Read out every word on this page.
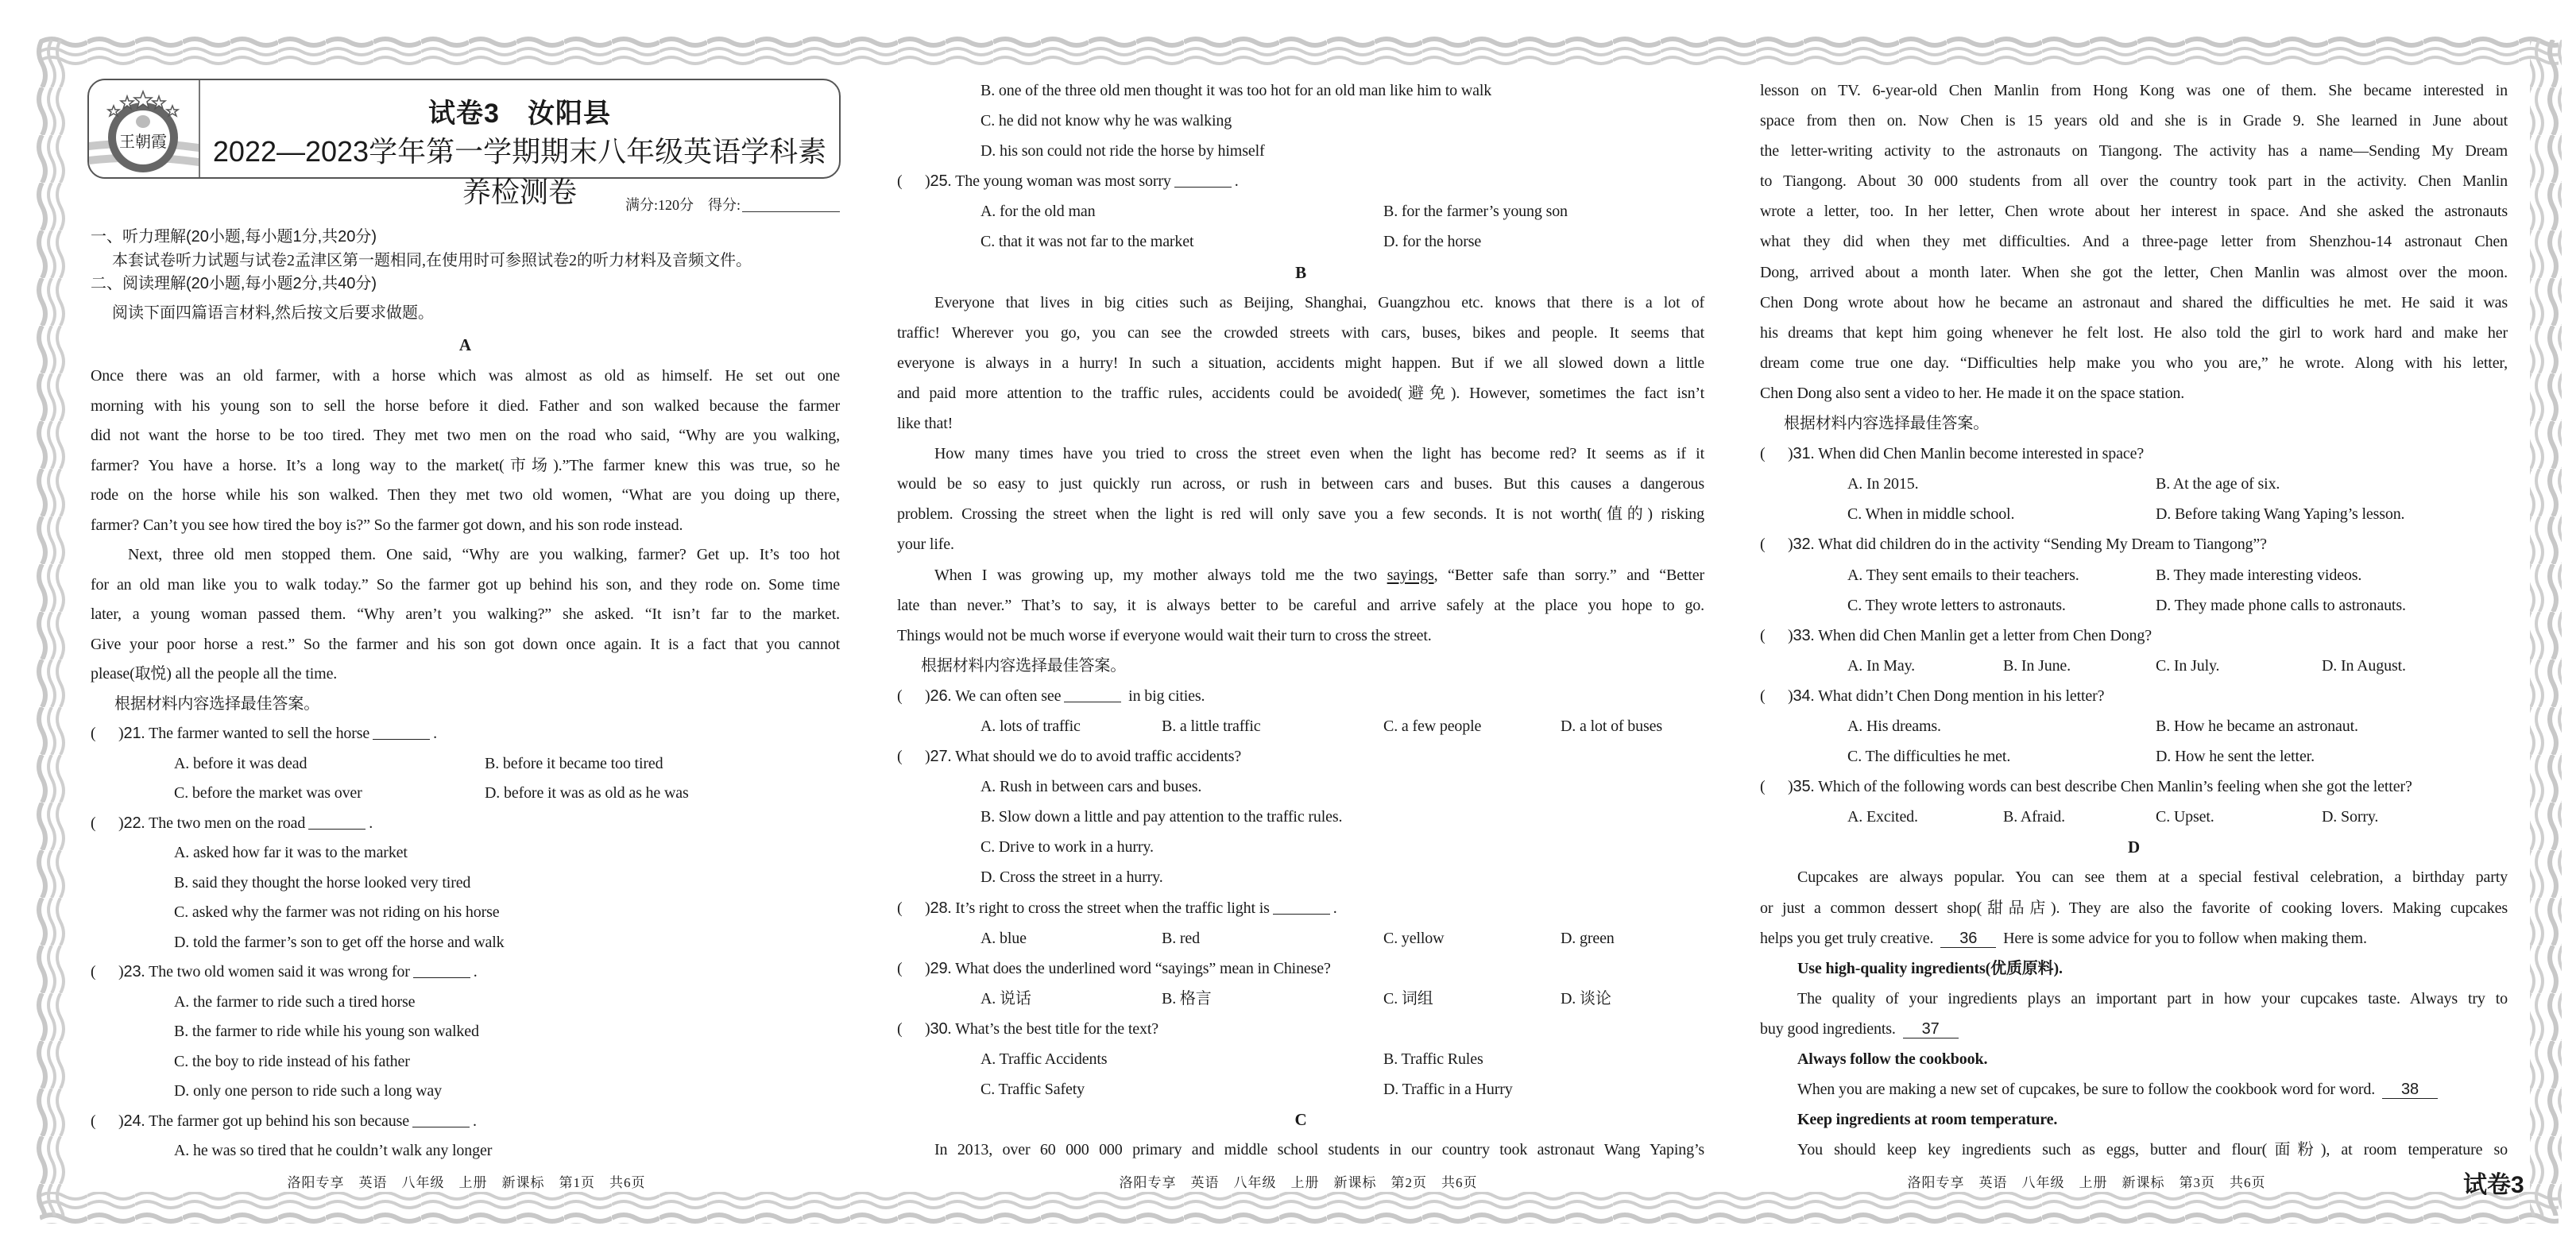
王朝霞
试卷3　汝阳县
2022—2023学年第一学期期末八年级英语学科素养检测卷	满分:120分　得分:
一、听力理解(20小题,每小题1分,共20分)
本套试卷听力试题与试卷2孟津区第一题相同,在使用时可参照试卷2的听力材料及音频文件。
二、阅读理解(20小题,每小题2分,共40分)
阅读下面四篇语言材料,然后按文后要求做题。
A
Once there was an old farmer, with a horse which was almost as old as himself. He set out one
morning with his young son to sell the horse before it died. Father and son walked because the farmer
did not want the horse to be too tired. They met two men on the road who said, “Why are you walking,
farmer? You have a horse. It’s a long way to the market(市场).”The farmer knew this was true, so he
rode on the horse while his son walked. Then they met two old women, “What are you doing up there,
farmer? Can’t you see how tired the boy is?” So the farmer got down, and his son rode instead.
Next, three old men stopped them. One said, “Why are you walking, farmer? Get up. It’s too hot
for an old man like you to walk today.” So the farmer got up behind his son, and they rode on. Some time
later, a young woman passed them. “Why aren’t you walking?” she asked. “It isn’t far to the market.
Give your poor horse a rest.” So the farmer and his son got down once again. It is a fact that you cannot
please(取悦) all the people all the time.
根据材料内容选择最佳答案。
( ) 21 . The farmer wanted to sell the horse	.
A. before it was dead	B. before it became too tired
C. before the market was over	D. before it was as old as he was
( ) 22 . The two men on the road	.
A. asked how far it was to the market
B. said they thought the horse looked very tired
C. asked why the farmer was not riding on his horse
D. told the farmer’s son to get off the horse and walk
( ) 23 . The two old women said it was wrong for	.
A. the farmer to ride such a tired horse
B. the farmer to ride while his young son walked
C. the boy to ride instead of his father
D. only one person to ride such a long way
( ) 24 . The farmer got up behind his son because	.
A. he was so tired that he couldn’t walk any longer
B. one of the three old men thought it was too hot for an old man like him to walk
C. he did not know why he was walking
D. his son could not ride the horse by himself
( ) 25 . The young woman was most sorry	.
A. for the old man	B. for the farmer’s young son
C. that it was not far to the market	D. for the horse
B
Everyone that lives in big cities such as Beijing, Shanghai, Guangzhou etc. knows that there is a lot of
traffic! Wherever you go, you can see the crowded streets with cars, buses, bikes and people. It seems that
everyone is always in a hurry! In such a situation, accidents might happen. But if we all slowed down a little
and paid more attention to the traffic rules, accidents could be avoided(避免). However, sometimes the fact isn’t
like that!
How many times have you tried to cross the street even when the light has become red? It seems as if it
would be so easy to just quickly run across, or rush in between cars and buses. But this causes a dangerous
problem. Crossing the street when the light is red will only save you a few seconds. It is not worth(值的) risking
your life.
When I was growing up, my mother always told me the two sayings, “Better safe than sorry.” and “Better
late than never.” That’s to say, it is always better to be careful and arrive safely at the place you hope to go.
Things would not be much worse if everyone would wait their turn to cross the street.
根据材料内容选择最佳答案。
( ) 26 . We can often see	in big cities.
A. lots of traffic	B. a little traffic	C. a few people	D. a lot of buses
( ) 27 . What should we do to avoid traffic accidents?
A. Rush in between cars and buses.
B. Slow down a little and pay attention to the traffic rules.
C. Drive to work in a hurry.
D. Cross the street in a hurry.
( ) 28 . It’s right to cross the street when the traffic light is	.
A. blue	B. red	C. yellow	D. green
( ) 29 . What does the underlined word “sayings” mean in Chinese?
A. 说话	B. 格言	C. 词组	D. 谈论
( ) 30 . What’s the best title for the text?
A. Traffic Accidents	B. Traffic Rules
C. Traffic Safety	D. Traffic in a Hurry
C
In 2013, over 60 000 000 primary and middle school students in our country took astronaut Wang Yaping’s
lesson on TV. 6-year-old Chen Manlin from Hong Kong was one of them. She became interested in
space from then on. Now Chen is 15 years old and she is in Grade 9. She learned in June about
the letter-writing activity to the astronauts on Tiangong. The activity has a name—Sending My Dream
to Tiangong. About 30 000 students from all over the country took part in the activity. Chen Manlin
wrote a letter, too. In her letter, Chen wrote about her interest in space. And she asked the astronauts
what they did when they met difficulties. And a three-page letter from Shenzhou-14 astronaut Chen
Dong, arrived about a month later. When she got the letter, Chen Manlin was almost over the moon.
Chen Dong wrote about how he became an astronaut and shared the difficulties he met. He said it was
his dreams that kept him going whenever he felt lost. He also told the girl to work hard and make her
dream come true one day. “Difficulties help make you who you are,” he wrote. Along with his letter,
Chen Dong also sent a video to her. He made it on the space station.
根据材料内容选择最佳答案。
( ) 31 . When did Chen Manlin become interested in space?
A. In 2015.	B. At the age of six.
C. When in middle school.	D. Before taking Wang Yaping’s lesson.
( ) 32 . What did children do in the activity “Sending My Dream to Tiangong”?
A. They sent emails to their teachers.	B. They made interesting videos.
C. They wrote letters to astronauts.	D. They made phone calls to astronauts.
( ) 33 . When did Chen Manlin get a letter from Chen Dong?
A. In May.	B. In June.	C. In July.	D. In August.
( ) 34 . What didn’t Chen Dong mention in his letter?
A. His dreams.	B. How he became an astronaut.
C. The difficulties he met.	D. How he sent the letter.
( ) 35 . Which of the following words can best describe Chen Manlin’s feeling when she got the letter?
A. Excited.	B. Afraid.	C. Upset.	D. Sorry.
D
Cupcakes are always popular. You can see them at a special festival celebration, a birthday party
or just a common dessert shop(甜品店). They are also the favorite of cooking lovers. Making cupcakes
helps you get truly creative. 36 Here is some advice for you to follow when making them.
Use high-quality ingredients(优质原料).
The quality of your ingredients plays an important part in how your cupcakes taste. Always try to
buy good ingredients. 37
Always follow the cookbook.
When you are making a new set of cupcakes, be sure to follow the cookbook word for word. 38
Keep ingredients at room temperature.
You should keep key ingredients such as eggs, butter and flour(面粉), at room temperature so
洛阳专享　英语　八年级　上册　新课标　第1页　共6页	洛阳专享　英语　八年级　上册　新课标　第2页　共6页	洛阳专享　英语　八年级　上册　新课标　第3页　共6页	试卷3
